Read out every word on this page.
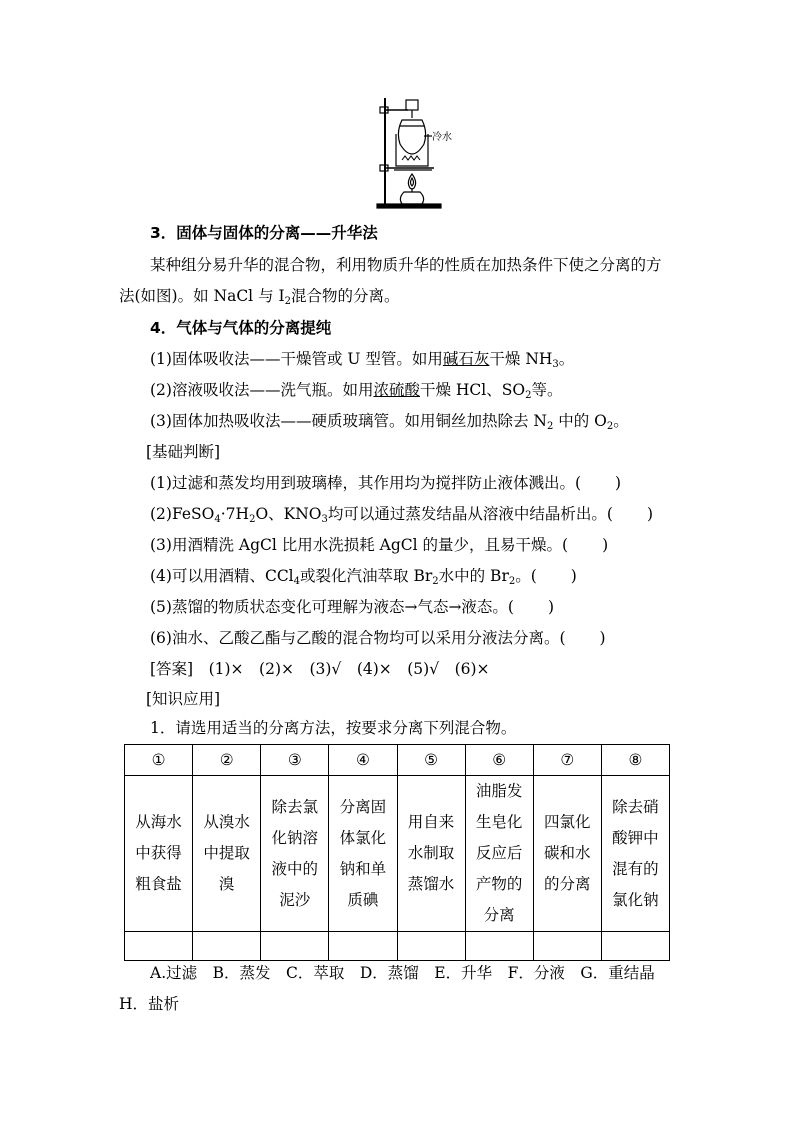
冷水
3．固体与固体的分离——升华法
某种组分易升华的混合物，利用物质升华的性质在加热条件下使之分离的方
法(如图)。如 NaCl 与 $I_2$混合物的分离。
4．气体与气体的分离提纯
(1)固体吸收法——干燥管或 U 型管。如用碱石灰干燥 $NH_3$。
(2)溶液吸收法——洗气瓶。如用浓硫酸干燥 HCl、$SO_2$等。
(3)固体加热吸收法——硬质玻璃管。如用铜丝加热除去 $N_2$ 中的 $O_2$。
[基础判断]
(1)过滤和蒸发均用到玻璃棒，其作用均为搅拌防止液体溅出。( )
$(2)FeSO_4\cdot 7H_2O$、$KNO_3$均可以通过蒸发结晶从溶液中结晶析出。( )
(3)用酒精洗 AgCl 比用水洗损耗 AgCl 的量少，且易干燥。( )
(4)可以用酒精、CCl$_4$或裂化汽油萃取 $Br_2$水中的 $Br_2$。( )
(5)蒸馏的物质状态变化可理解为液态→气态→液态。( )
(6)油水、乙酸乙酯与乙酸的混合物均可以采用分液法分离。( )
[答案]　(1)×　(2)×　(3)√　(4)×　(5)√　(6)×
[知识应用]
1．请选用适当的分离方法，按要求分离下列混合物。
①	②	③	④	⑤	⑥	⑦	⑧

从海水
中获得
粗食盐	从溴水
中提取
溴	除去氯
化钠溶
液中的
泥沙	分离固
体氯化
钠和单
质碘	用自来
水制取
蒸馏水	油脂发
生皂化
反应后
产物的
分离	四氯化
碳和水
的分离	除去硝
酸钾中
混有的
氯化钠

A.过滤　B．蒸发　C．萃取　D．蒸馏　E．升华　F．分液　G．重结晶
H．盐析
